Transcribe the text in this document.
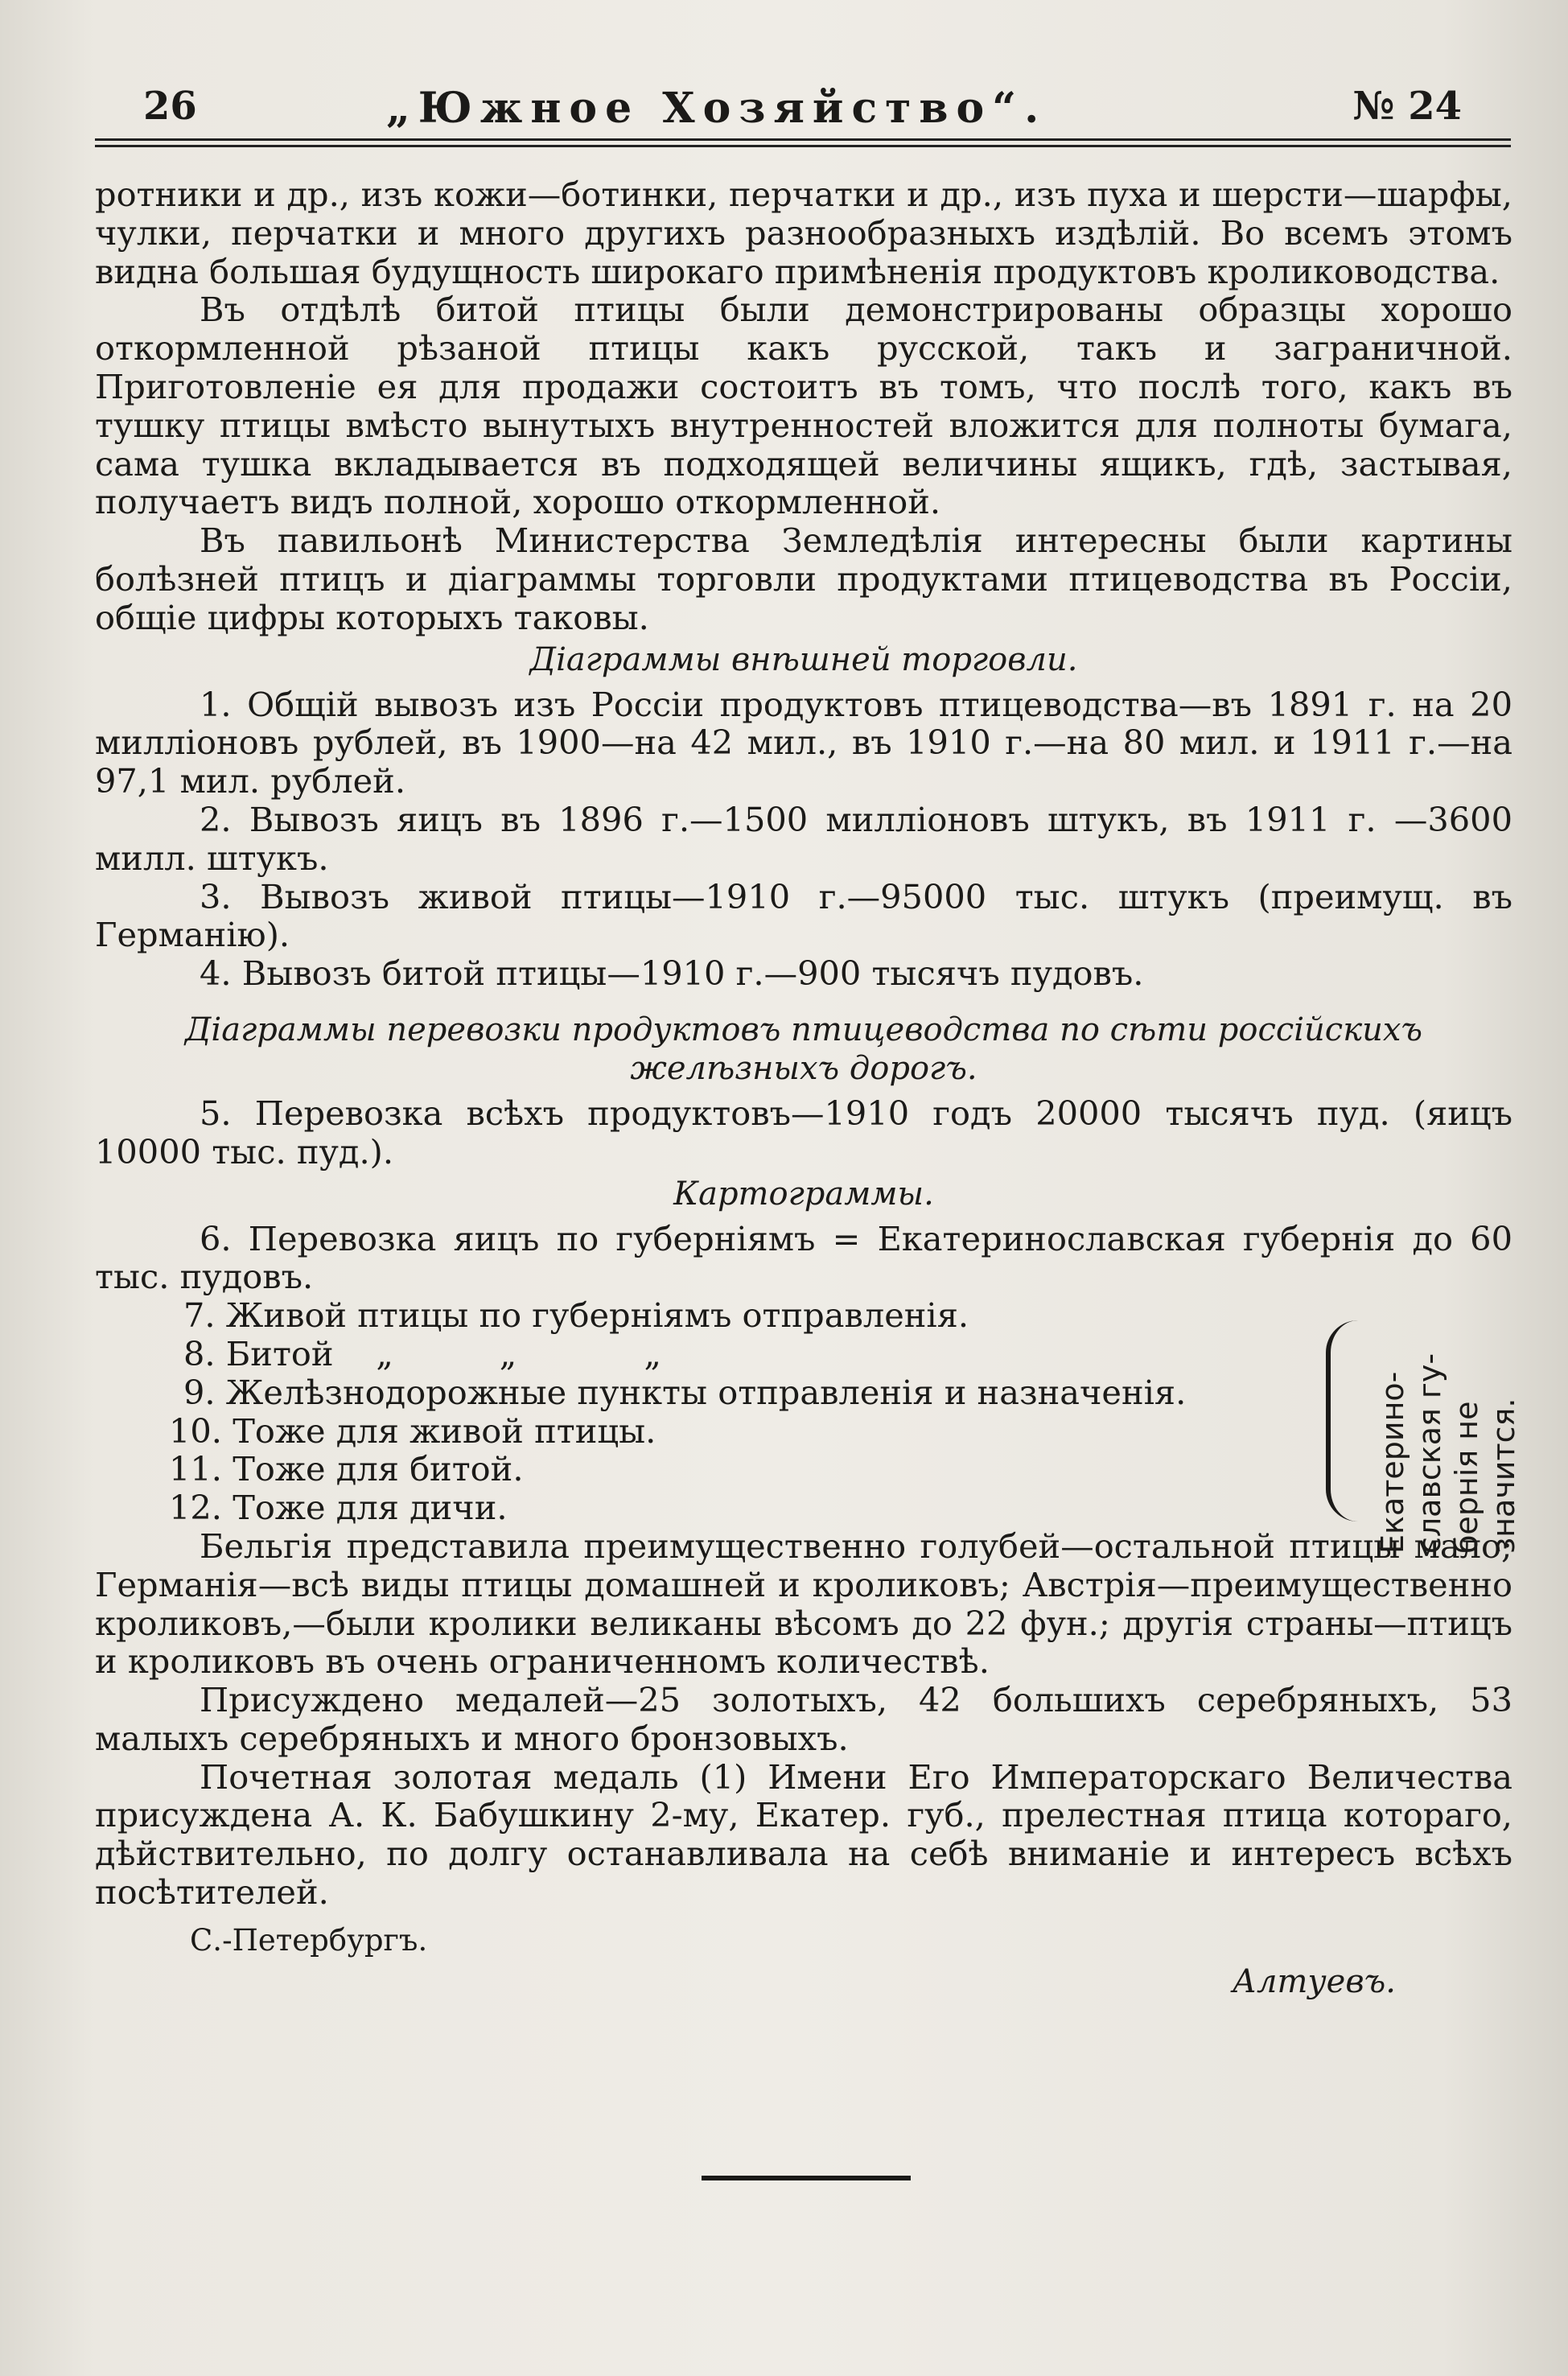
26	„Южное Хозяйство“.	№ 24

ротники и др., изъ кожи—ботинки, перчатки и др., изъ пуха и шерсти—шарфы, чулки, перчатки и много другихъ разнообразныхъ издѣлій. Во всемъ этомъ видна большая будущность широкаго примѣненія продуктовъ кролиководства.

Въ отдѣлѣ битой птицы были демонстрированы образцы хорошо откормленной рѣзаной птицы какъ русской, такъ и заграничной. Приготовленіе ея для продажи состоитъ въ томъ, что послѣ того, какъ въ тушку птицы вмѣсто вынутыхъ внутренностей вложится для полноты бумага, сама тушка вкладывается въ подходящей величины ящикъ, гдѣ, застывая, получаетъ видъ полной, хорошо откормленной.

Въ павильонѣ Министерства Земледѣлія интересны были картины болѣзней птицъ и діаграммы торговли продуктами птицеводства въ Россіи, общіе цифры которыхъ таковы.

Діаграммы внѣшней торговли.

1. Общій вывозъ изъ Россіи продуктовъ птицеводства—въ 1891 г. на 20 милліоновъ рублей, въ 1900—на 42 мил., въ 1910 г.—на 80 мил. и 1911 г.—на 97,1 мил. рублей.

2. Вывозъ яицъ въ 1896 г.—1500 милліоновъ штукъ, въ 1911 г. —3600 милл. штукъ.

3. Вывозъ живой птицы—1910 г.—95000 тыс. штукъ (преимущ. въ Германію).

4. Вывозъ битой птицы—1910 г.—900 тысячъ пудовъ.

Діаграммы перевозки продуктовъ птицеводства по сѣти россійскихъ желѣзныхъ дорогъ.

5. Перевозка всѣхъ продуктовъ—1910 годъ 20000 тысячъ пуд. (яицъ 10000 тыс. пуд.).

Картограммы.

6. Перевозка яицъ по губерніямъ = Екатеринославская губернія до 60 тыс. пудовъ.

7. Живой птицы по губерніямъ отправленія.
8. Битой    „          „            „
9. Желѣзнодорожные пункты отправленія и назначенія.
10. Тоже для живой птицы.
11. Тоже для битой.
12. Тоже для дичи.	Екатерино-
славская гу-
бернія не
значится.

Бельгія представила преимущественно голубей—остальной птицы мало; Германія—всѣ виды птицы домашней и кроликовъ; Австрія—преимущественно кроликовъ,—были кролики великаны вѣсомъ до 22 фун.; другія страны—птицъ и кроликовъ въ очень ограниченномъ количествѣ.

Присуждено медалей—25 золотыхъ, 42 большихъ серебряныхъ, 53 малыхъ серебряныхъ и много бронзовыхъ.

Почетная золотая медаль (1) Имени Его Императорскаго Величества присуждена А. К. Бабушкину 2-му, Екатер. губ., прелестная птица котораго, дѣйствительно, по долгу останавливала на себѣ вниманіе и интересъ всѣхъ посѣтителей.

С.-Петербургъ.
Алтуевъ.
